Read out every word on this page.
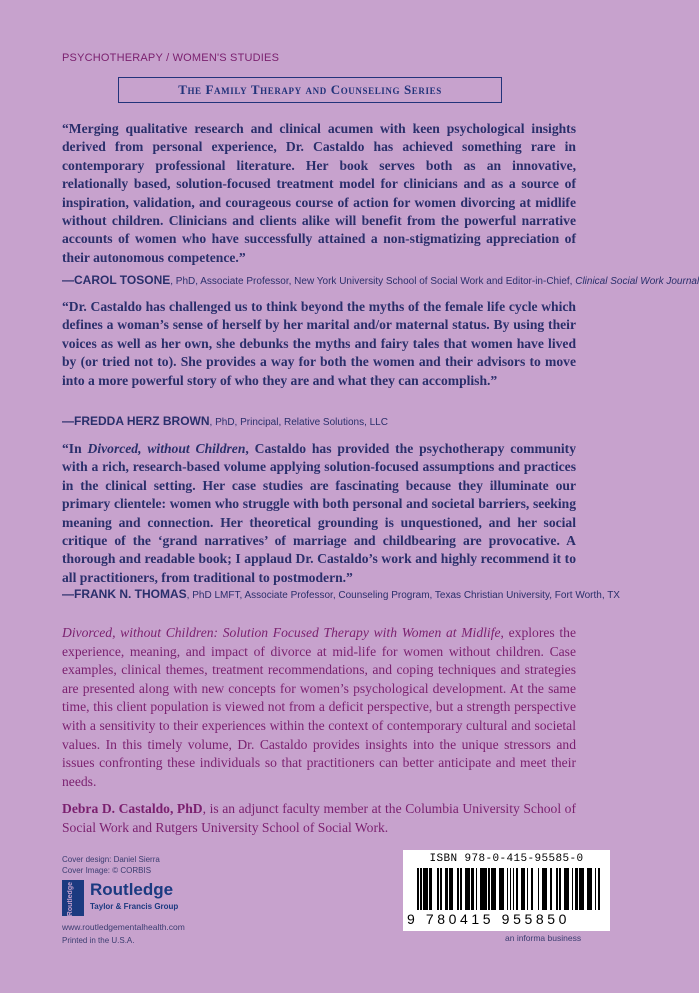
PSYCHOTHERAPY / WOMEN'S STUDIES
The Family Therapy and Counseling Series
“Merging qualitative research and clinical acumen with keen psychological insights derived from personal experience, Dr. Castaldo has achieved something rare in contemporary professional literature. Her book serves both as an innovative, relationally based, solution-focused treatment model for clinicians and as a source of inspiration, validation, and courageous course of action for women divorcing at midlife without children. Clinicians and clients alike will benefit from the powerful narrative accounts of women who have successfully attained a non-stigmatizing appreciation of their autonomous competence.”
—CAROL TOSONE, PhD, Associate Professor, New York University School of Social Work and Editor-in-Chief, Clinical Social Work Journal
“Dr. Castaldo has challenged us to think beyond the myths of the female life cycle which defines a woman’s sense of herself by her marital and/or maternal status. By using their voices as well as her own, she debunks the myths and fairy tales that women have lived by (or tried not to). She provides a way for both the women and their advisors to move into a more powerful story of who they are and what they can accomplish.”
—FREDDA HERZ BROWN, PhD, Principal, Relative Solutions, LLC
“In Divorced, without Children, Castaldo has provided the psychotherapy community with a rich, research-based volume applying solution-focused assumptions and practices in the clinical setting. Her case studies are fascinating because they illuminate our primary clientele: women who struggle with both personal and societal barriers, seeking meaning and connection. Her theoretical grounding is unquestioned, and her social critique of the ‘grand narratives’ of marriage and childbearing are provocative. A thorough and readable book; I applaud Dr. Castaldo’s work and highly recommend it to all practitioners, from traditional to postmodern.”
—FRANK N. THOMAS, PhD LMFT, Associate Professor, Counseling Program, Texas Christian University, Fort Worth, TX
Divorced, without Children: Solution Focused Therapy with Women at Midlife, explores the experience, meaning, and impact of divorce at mid-life for women without children. Case examples, clinical themes, treatment recommendations, and coping techniques and strategies are presented along with new concepts for women’s psychological development. At the same time, this client population is viewed not from a deficit perspective, but a strength perspective with a sensitivity to their experiences within the context of contemporary cultural and societal values. In this timely volume, Dr. Castaldo provides insights into the unique stressors and issues confronting these individuals so that practitioners can better anticipate and meet their needs.
Debra D. Castaldo, PhD, is an adjunct faculty member at the Columbia University School of Social Work and Rutgers University School of Social Work.
Cover design: Daniel Sierra
Cover Image: © CORBIS
Routledge Routledge
Taylor & Francis Group
www.routledgementalhealth.com
Printed in the U.S.A.
ISBN 978-0-415-95585-0
9 780415 955850
an informa business
